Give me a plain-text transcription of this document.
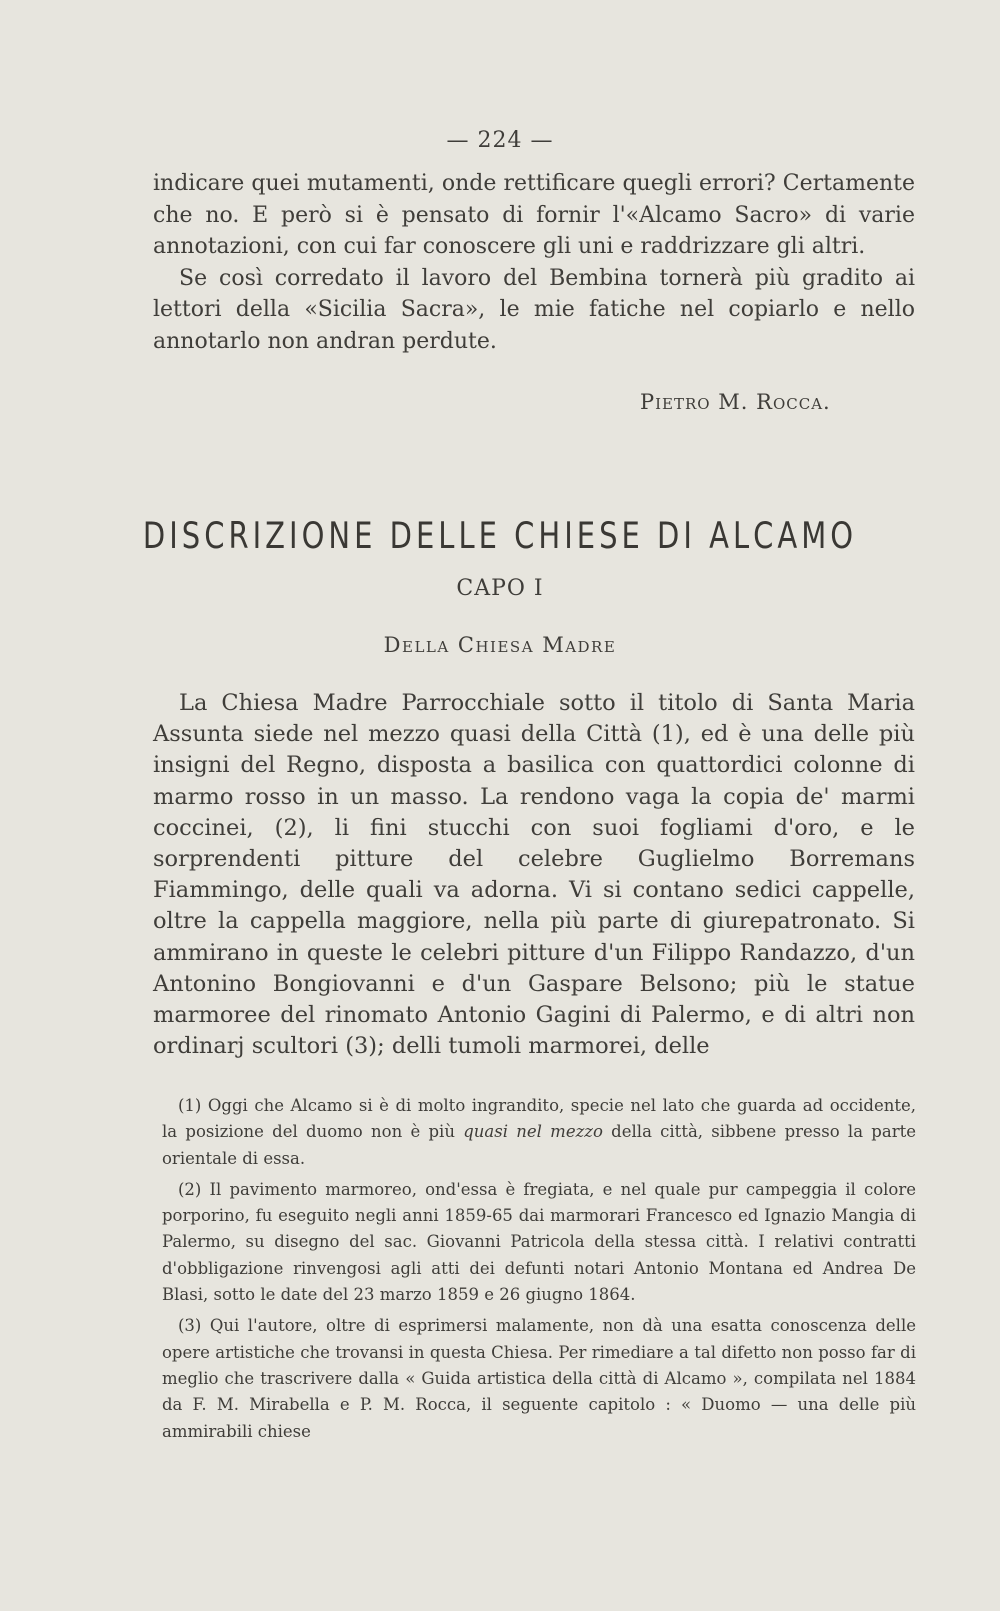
— 224 —

indicare quei mutamenti, onde rettificare quegli errori? Certamente che no. E però si è pensato di fornir l'«Alcamo Sacro» di varie annotazioni, con cui far conoscere gli uni e raddrizzare gli altri.

Se così corredato il lavoro del Bembina tornerà più gradito ai lettori della «Sicilia Sacra», le mie fatiche nel copiarlo e nello annotarlo non andran perdute.

Pietro M. Rocca.
DISCRIZIONE DELLE CHIESE DI ALCAMO
CAPO I
Della Chiesa Madre

La Chiesa Madre Parrocchiale sotto il titolo di Santa Maria Assunta siede nel mezzo quasi della Città (1), ed è una delle più insigni del Regno, disposta a basilica con quattordici colonne di marmo rosso in un masso. La rendono vaga la copia de' marmi coccinei, (2), li fini stucchi con suoi fogliami d'oro, e le sorprendenti pitture del celebre Guglielmo Borremans Fiammingo, delle quali va adorna. Vi si contano sedici cappelle, oltre la cappella maggiore, nella più parte di giurepatronato. Si ammirano in queste le celebri pitture d'un Filippo Randazzo, d'un Antonino Bongiovanni e d'un Gaspare Belsono; più le statue marmoree del rinomato Antonio Gagini di Palermo, e di altri non ordinarj scultori (3); delli tumoli marmorei, delle

(1) Oggi che Alcamo si è di molto ingrandito, specie nel lato che guarda ad occidente, la posizione del duomo non è più quasi nel mezzo della città, sibbene presso la parte orientale di essa.

(2) Il pavimento marmoreo, ond'essa è fregiata, e nel quale pur campeggia il colore porporino, fu eseguito negli anni 1859-65 dai marmorari Francesco ed Ignazio Mangia di Palermo, su disegno del sac. Giovanni Patricola della stessa città. I relativi contratti d'obbligazione rinvengosi agli atti dei defunti notari Antonio Montana ed Andrea De Blasi, sotto le date del 23 marzo 1859 e 26 giugno 1864.

(3) Qui l'autore, oltre di esprimersi malamente, non dà una esatta conoscenza delle opere artistiche che trovansi in questa Chiesa. Per rimediare a tal difetto non posso far di meglio che trascrivere dalla « Guida artistica della città di Alcamo », compilata nel 1884 da F. M. Mirabella e P. M. Rocca, il seguente capitolo : « Duomo — una delle più ammirabili chiese
